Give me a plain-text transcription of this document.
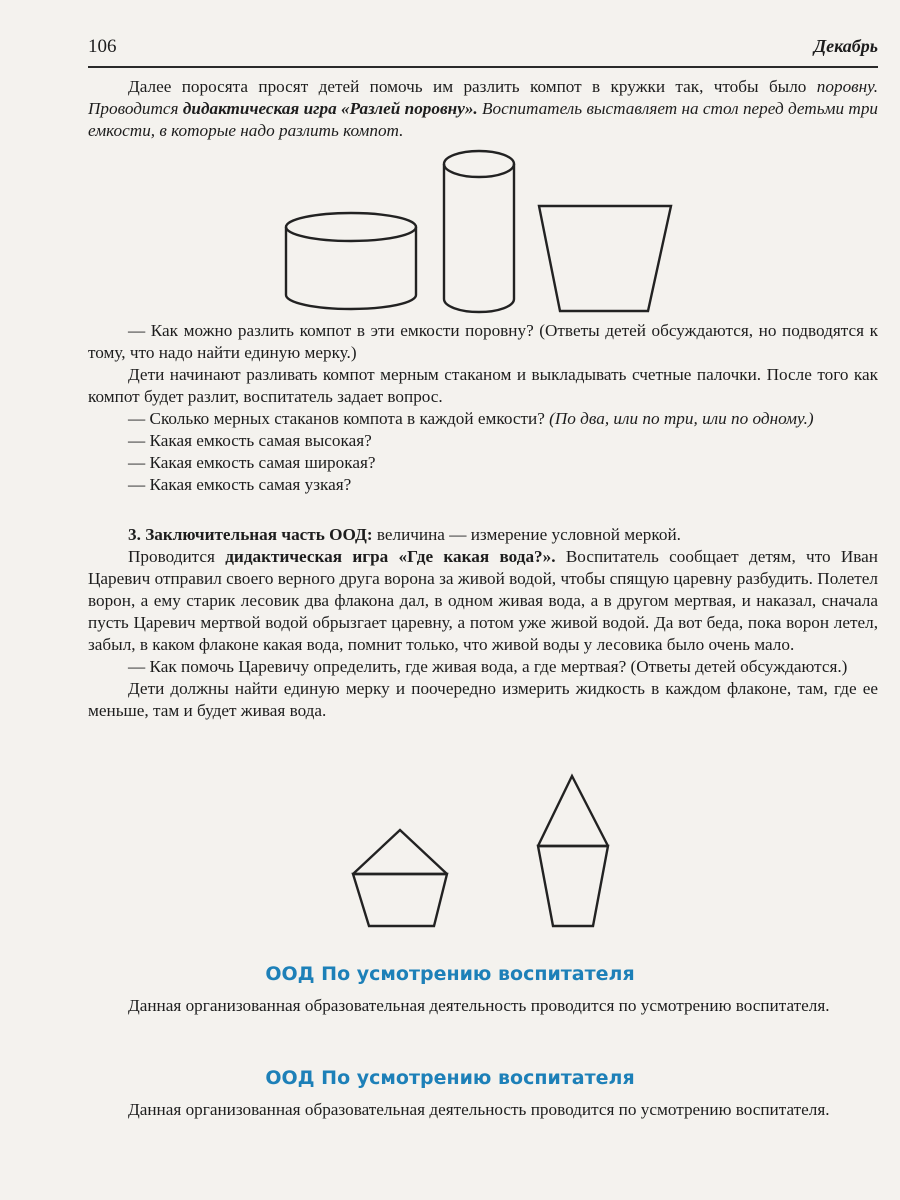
106	Декабрь

Далее поросята просят детей помочь им разлить компот в кружки так, чтобы было поровну. Проводится дидактическая игра «Разлей поровну». Воспитатель выставляет на стол перед детьми три емкости, в которые надо разлить компот.

— Как можно разлить компот в эти емкости поровну? (Ответы детей обсуждаются, но подводятся к тому, что надо найти единую мерку.)

Дети начинают разливать компот мерным стаканом и выкладывать счетные палочки. После того как компот будет разлит, воспитатель задает вопрос.

— Сколько мерных стаканов компота в каждой емкости? (По два, или по три, или по одному.)

— Какая емкость самая высокая?

— Какая емкость самая широкая?

— Какая емкость самая узкая?

3. Заключительная часть ООД: величина — измерение условной меркой.

Проводится дидактическая игра «Где какая вода?». Воспитатель сообщает детям, что Иван Царевич отправил своего верного друга ворона за живой водой, чтобы спящую царевну разбудить. Полетел ворон, а ему старик лесовик два флакона дал, в одном живая вода, а в другом мертвая, и наказал, сначала пусть Царевич мертвой водой обрызгает царевну, а потом уже живой водой. Да вот беда, пока ворон летел, забыл, в каком флаконе какая вода, помнит только, что живой воды у лесовика было очень мало.

— Как помочь Царевичу определить, где живая вода, а где мертвая? (Ответы детей обсуждаются.)

Дети должны найти единую мерку и поочередно измерить жидкость в каждом флаконе, там, где ее меньше, там и будет живая вода.

ООД По усмотрению воспитателя

Данная организованная образовательная деятельность проводится по усмотрению воспитателя.

ООД По усмотрению воспитателя

Данная организованная образовательная деятельность проводится по усмотрению воспитателя.
